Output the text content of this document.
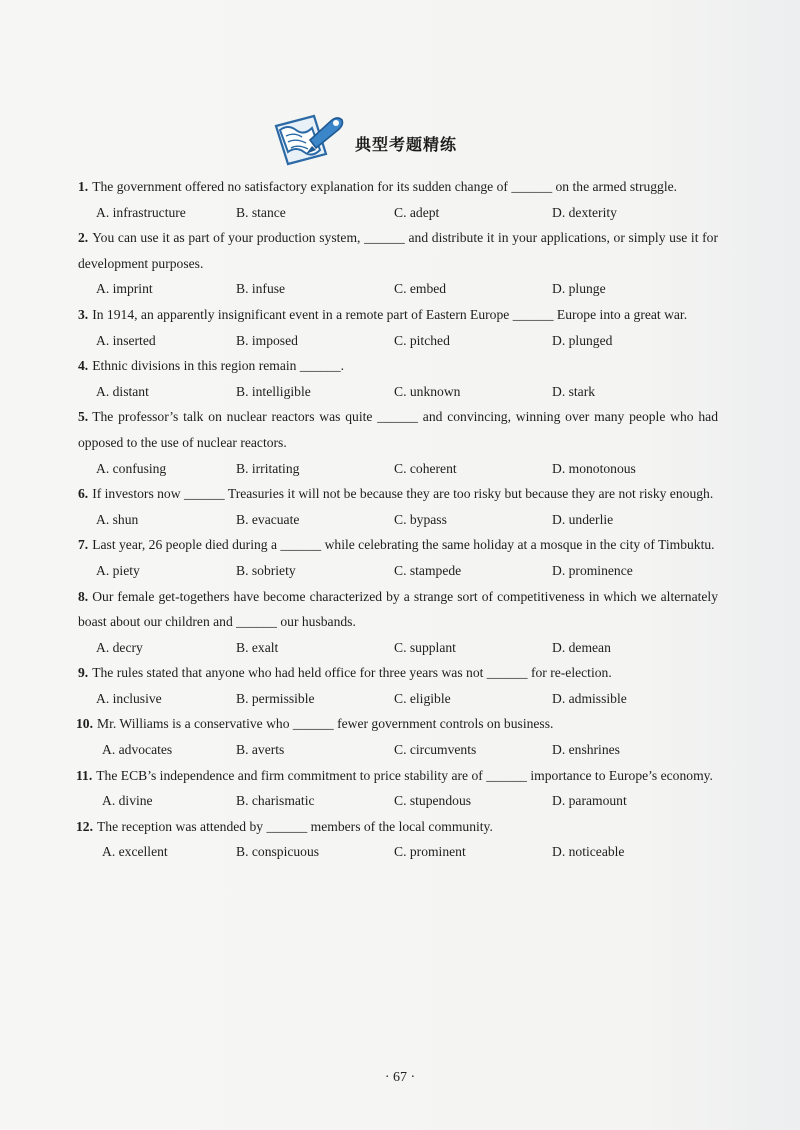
典型考题精练
1. The government offered no satisfactory explanation for its sudden change of ______ on the armed struggle.
A. infrastructure	B. stance	C. adept	D. dexterity
2. You can use it as part of your production system, ______ and distribute it in your applications, or simply use it for development purposes.
A. imprint	B. infuse	C. embed	D. plunge
3. In 1914, an apparently insignificant event in a remote part of Eastern Europe ______ Europe into a great war.
A. inserted	B. imposed	C. pitched	D. plunged
4. Ethnic divisions in this region remain ______.
A. distant	B. intelligible	C. unknown	D. stark
5. The professor’s talk on nuclear reactors was quite ______ and convincing, winning over many people who had opposed to the use of nuclear reactors.
A. confusing	B. irritating	C. coherent	D. monotonous
6. If investors now ______ Treasuries it will not be because they are too risky but because they are not risky enough.
A. shun	B. evacuate	C. bypass	D. underlie
7. Last year, 26 people died during a ______ while celebrating the same holiday at a mosque in the city of Timbuktu.
A. piety	B. sobriety	C. stampede	D. prominence
8. Our female get-togethers have become characterized by a strange sort of competitiveness in which we alternately boast about our children and ______ our husbands.
A. decry	B. exalt	C. supplant	D. demean
9. The rules stated that anyone who had held office for three years was not ______ for re-election.
A. inclusive	B. permissible	C. eligible	D. admissible
10. Mr. Williams is a conservative who ______ fewer government controls on business.
A. advocates	B. averts	C. circumvents	D. enshrines
11. The ECB’s independence and firm commitment to price stability are of ______ importance to Europe’s economy.
A. divine	B. charismatic	C. stupendous	D. paramount
12. The reception was attended by ______ members of the local community.
A. excellent	B. conspicuous	C. prominent	D. noticeable
· 67 ·
